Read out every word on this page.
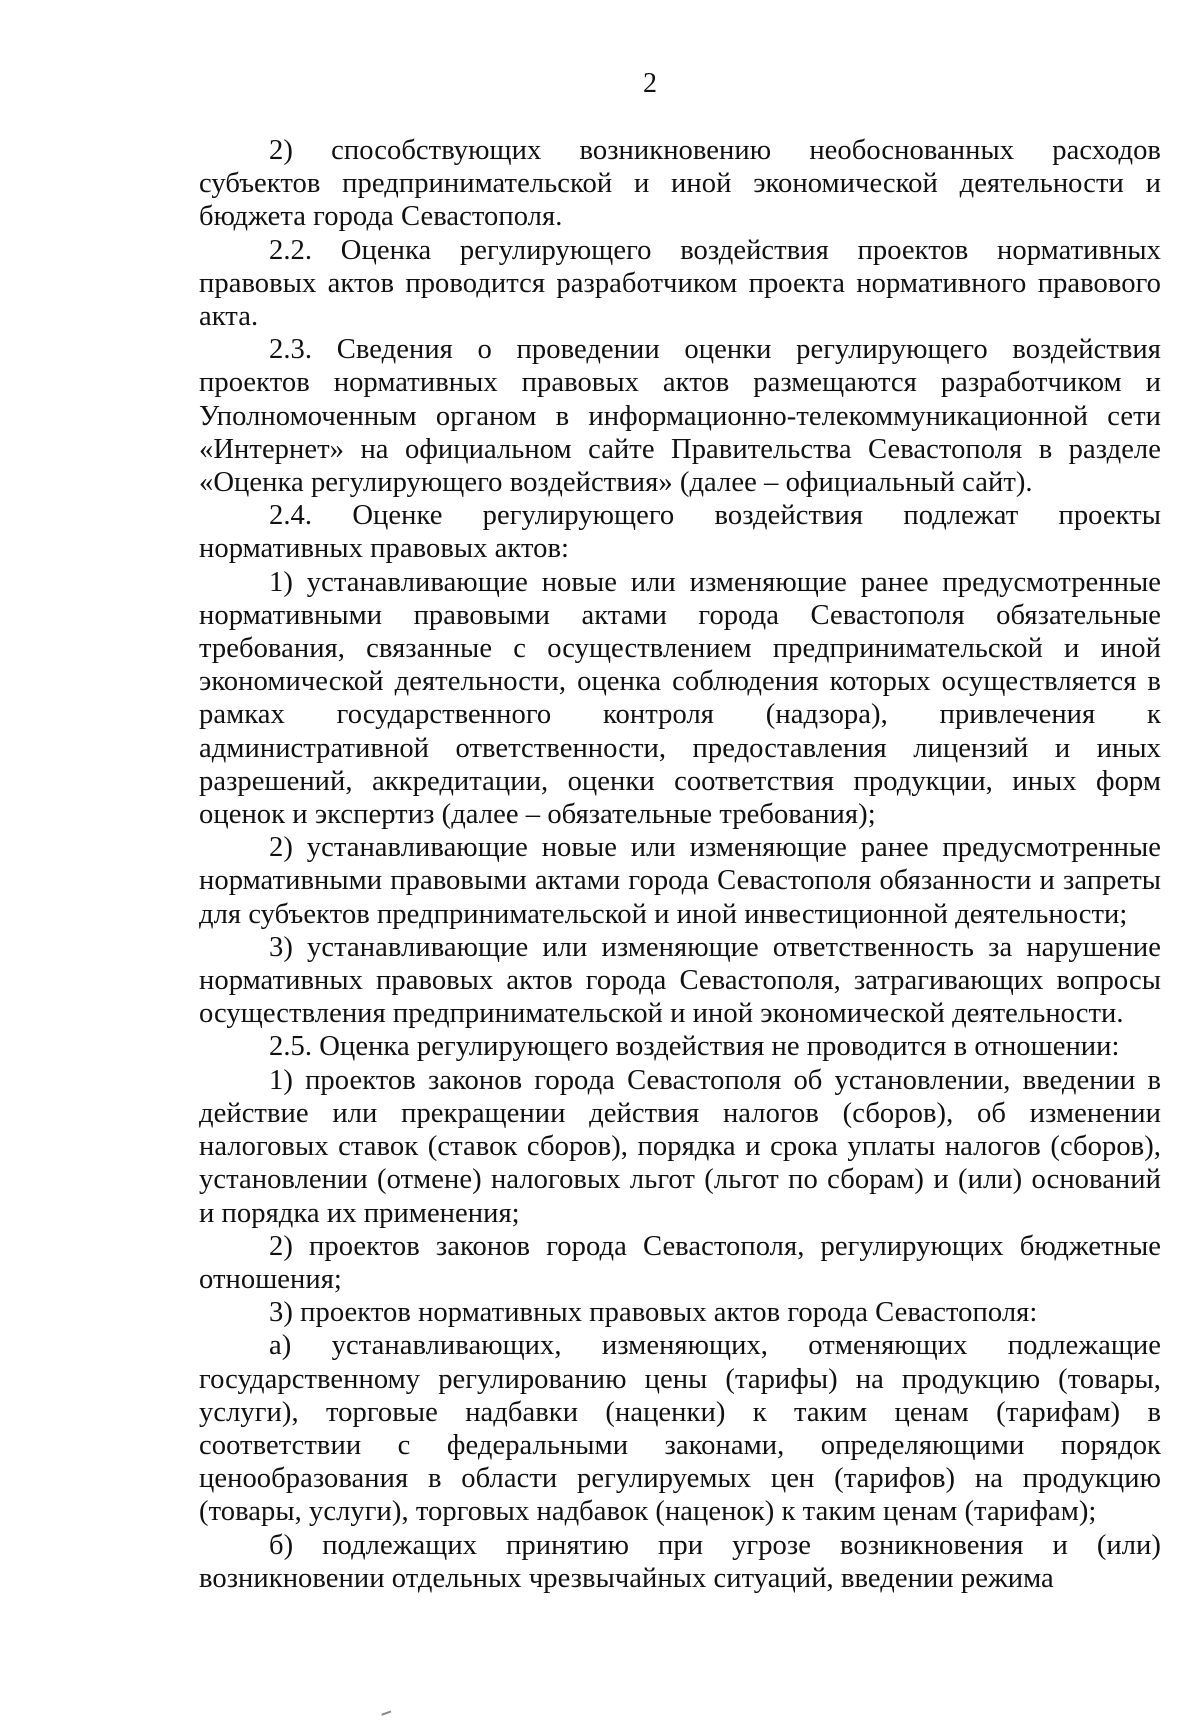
2

2) способствующих возникновению необоснованных расходов субъектов предпринимательской и иной экономической деятельности и бюджета города Севастополя.

2.2. Оценка регулирующего воздействия проектов нормативных правовых актов проводится разработчиком проекта нормативного правового акта.

2.3. Сведения о проведении оценки регулирующего воздействия проектов нормативных правовых актов размещаются разработчиком и Уполномоченным органом в информационно-телекоммуникационной сети «Интернет» на официальном сайте Правительства Севастополя в разделе «Оценка регулирующего воздействия» (далее – официальный сайт).

2.4. Оценке регулирующего воздействия подлежат проекты нормативных правовых актов:

1) устанавливающие новые или изменяющие ранее предусмотренные нормативными правовыми актами города Севастополя обязательные требования, связанные с осуществлением предпринимательской и иной экономической деятельности, оценка соблюдения которых осуществляется в рамках государственного контроля (надзора), привлечения к административной ответственности, предоставления лицензий и иных разрешений, аккредитации, оценки соответствия продукции, иных форм оценок и экспертиз (далее – обязательные требования);

2) устанавливающие новые или изменяющие ранее предусмотренные нормативными правовыми актами города Севастополя обязанности и запреты для субъектов предпринимательской и иной инвестиционной деятельности;

3) устанавливающие или изменяющие ответственность за нарушение нормативных правовых актов города Севастополя, затрагивающих вопросы осуществления предпринимательской и иной экономической деятельности.

2.5. Оценка регулирующего воздействия не проводится в отношении:

1) проектов законов города Севастополя об установлении, введении в действие или прекращении действия налогов (сборов), об изменении налоговых ставок (ставок сборов), порядка и срока уплаты налогов (сборов), установлении (отмене) налоговых льгот (льгот по сборам) и (или) оснований и порядка их применения;

2) проектов законов города Севастополя, регулирующих бюджетные отношения;

3) проектов нормативных правовых актов города Севастополя:

а) устанавливающих, изменяющих, отменяющих подлежащие государственному регулированию цены (тарифы) на продукцию (товары, услуги), торговые надбавки (наценки) к таким ценам (тарифам) в соответствии с федеральными законами, определяющими порядок ценообразования в области регулируемых цен (тарифов) на продукцию (товары, услуги), торговых надбавок (наценок) к таким ценам (тарифам);

б) подлежащих принятию при угрозе возникновения и (или) возникновении отдельных чрезвычайных ситуаций, введении режима
